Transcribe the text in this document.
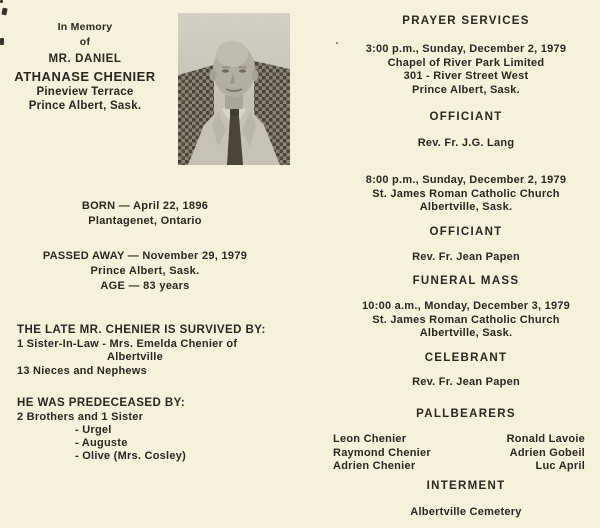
In Memory
of
MR. DANIEL
ATHANASE CHENIER
Pineview Terrace
Prince Albert, Sask.
BORN — April 22, 1896
Plantagenet, Ontario
PASSED AWAY — November 29, 1979
Prince Albert, Sask.
AGE — 83 years
THE LATE MR. CHENIER IS SURVIVED BY:
1 Sister-In-Law - Mrs. Emelda Chenier of
Albertville
13 Nieces and Nephews
HE WAS PREDECEASED BY:
2 Brothers and 1 Sister
- Urgel
- Auguste
- Olive (Mrs. Cosley)
PRAYER SERVICES
3:00 p.m., Sunday, December 2, 1979
Chapel of River Park Limited
301 - River Street West
Prince Albert, Sask.
OFFICIANT
Rev. Fr. J.G. Lang
8:00 p.m., Sunday, December 2, 1979
St. James Roman Catholic Church
Albertville, Sask.
OFFICIANT
Rev. Fr. Jean Papen
FUNERAL MASS
10:00 a.m., Monday, December 3, 1979
St. James Roman Catholic Church
Albertville, Sask.
CELEBRANT
Rev. Fr. Jean Papen
PALLBEARERS
Leon Chenier	Ronald Lavoie
Raymond Chenier	Adrien Gobeil
Adrien Chenier	Luc April
INTERMENT
Albertville Cemetery
